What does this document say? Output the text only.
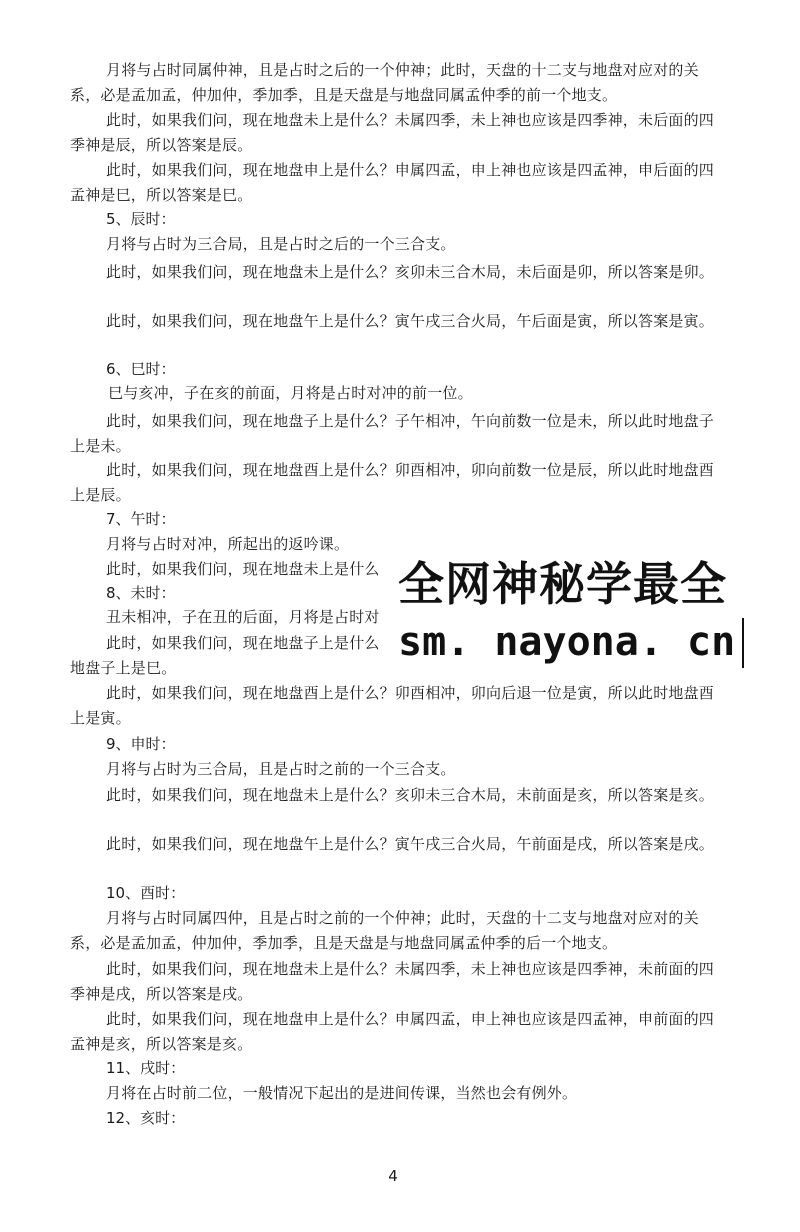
月将与占时同属仲神，且是占时之后的一个仲神；此时，天盘的十二支与地盘对应对的关系，必是孟加孟，仲加仲，季加季，且是天盘是与地盘同属孟仲季的前一个地支。

此时，如果我们问，现在地盘未上是什么？未属四季，未上神也应该是四季神，未后面的四季神是辰，所以答案是辰。

此时，如果我们问，现在地盘申上是什么？申属四孟，申上神也应该是四孟神，申后面的四孟神是巳，所以答案是巳。

5、辰时：

月将与占时为三合局，且是占时之后的一个三合支。

此时，如果我们问，现在地盘未上是什么？亥卯未三合木局，未后面是卯，所以答案是卯。

此时，如果我们问，现在地盘午上是什么？寅午戌三合火局，午后面是寅，所以答案是寅。

6、巳时：

巳与亥冲，子在亥的前面，月将是占时对冲的前一位。

此时，如果我们问，现在地盘子上是什么？子午相冲，午向前数一位是未，所以此时地盘子上是未。

此时，如果我们问，现在地盘酉上是什么？卯酉相冲，卯向前数一位是辰，所以此时地盘酉上是辰。

7、午时：

月将与占时对冲，所起出的返吟课。

此时，如果我们问，现在地盘未上是什么

8、未时：

丑未相冲，子在丑的后面，月将是占时对

此时，如果我们问，现在地盘子上是什么

地盘子上是巳。

此时，如果我们问，现在地盘酉上是什么？卯酉相冲，卯向后退一位是寅，所以此时地盘酉上是寅。

9、申时：

月将与占时为三合局，且是占时之前的一个三合支。

此时，如果我们问，现在地盘未上是什么？亥卯未三合木局，未前面是亥，所以答案是亥。

此时，如果我们问，现在地盘午上是什么？寅午戌三合火局，午前面是戌，所以答案是戌。

10、酉时：

月将与占时同属四仲，且是占时之前的一个仲神；此时，天盘的十二支与地盘对应对的关系，必是孟加孟，仲加仲，季加季，且是天盘是与地盘同属孟仲季的后一个地支。

此时，如果我们问，现在地盘未上是什么？未属四季，未上神也应该是四季神，未前面的四季神是戌，所以答案是戌。

此时，如果我们问，现在地盘申上是什么？申属四孟，申上神也应该是四孟神，申前面的四孟神是亥，所以答案是亥。

11、戌时：

月将在占时前二位，一般情况下起出的是进间传课，当然也会有例外。

12、亥时：

全网神秘学最全
sm. nayona. cn
4
